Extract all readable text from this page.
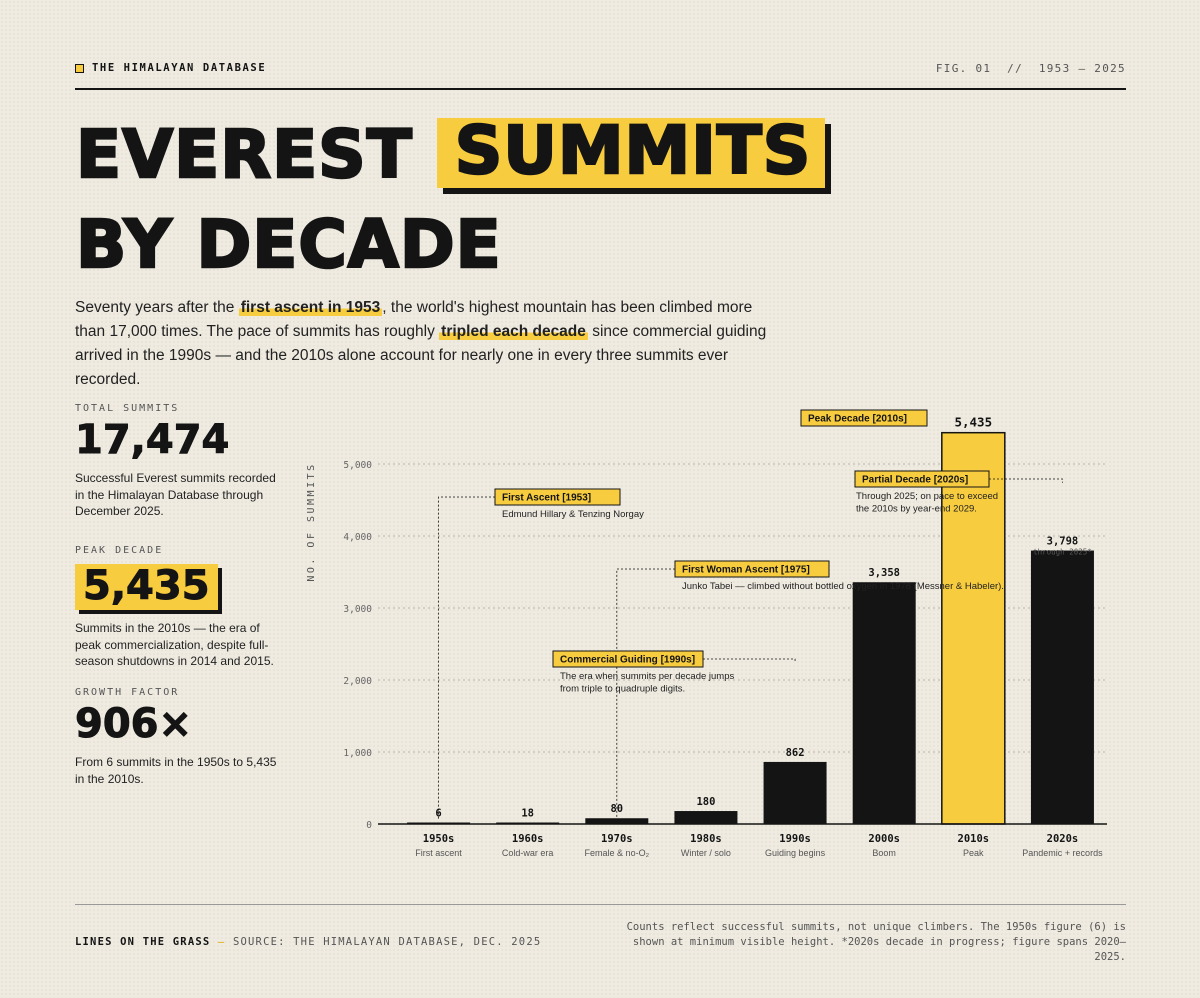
THE HIMALAYAN DATABASE	FIG. 01  //  1953 — 2025
EVEREST SUMMITS
BY DECADE
Seventy years after the first ascent in 1953 , the world's highest mountain has been climbed more than 17,000 times. The pace of summits has roughly tripled each decade since commercial guiding arrived in the 1990s — and the 2010s alone account for nearly one in every three summits ever recorded.
TOTAL SUMMITS
17,474
Successful Everest summits recorded in the Himalayan Database through December 2025.
PEAK DECADE
5,435
Summits in the 2010s — the era of peak commercialization, despite full-season shutdowns in 2014 and 2015.
GROWTH FACTOR
906×
From 6 summits in the 1950s to 5,435 in the 2010s.
NO. OF SUMMITS
0
1,000
2,000
3,000
4,000
5,000
6
1950s
First ascent
18
1960s
Cold-war era
80
1970s
Female & no-O₂
180
1980s
Winter / solo
862
1990s
Guiding begins
3,358
2000s
Boom
5,435
2010s
Peak
3,798
2020s
Pandemic + records
through 2025*
First Ascent [1953]
Edmund Hillary & Tenzing Norgay
First Woman Ascent [1975]
Junko Tabei — climbed without bottled oxygen in 1978 (Messner & Habeler).
Commercial Guiding [1990s]
The era when summits per decade jumps
from triple to quadruple digits.
Peak Decade [2010s]
Partial Decade [2020s]
Through 2025; on pace to exceed
the 2010s by year-end 2029.
LINES ON THE GRASS — SOURCE: THE HIMALAYAN DATABASE, DEC. 2025
Counts reflect successful summits, not unique climbers. The 1950s figure (6) is shown at minimum visible height. *2020s decade in progress; figure spans 2020–2025.
